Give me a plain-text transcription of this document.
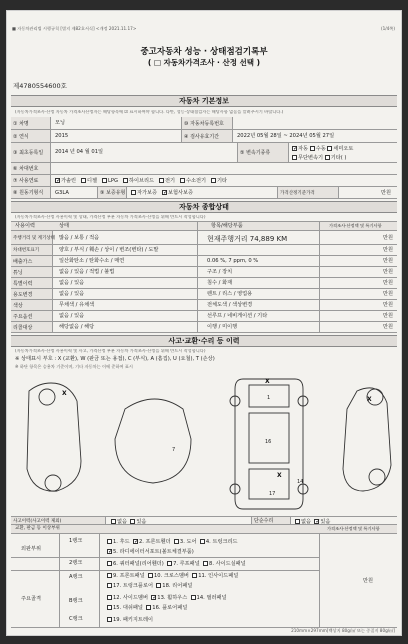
■ 자동차관리법 시행규칙 [별지 제82호서식] <개정 2021.11.17>	(1/4쪽)
중고자동차 성능 · 상태점검기록부
( □ 자동차가격조사 · 산정 선택 )
제4780554600호
자동차 기본정보
(자동차가격조사·산정 자동차 가격조사산정자는 해당항목에 ☑ 표시하여야 합니다. 다만, 성능·상태점검자는 해당사항 없음을 알려주시기 바랍니다.)
① 차명	모닝	⑩ 자동차등록번호
② 연식	2015	④ 검사유효기간	2022년 05월 28일 ~ 2024년 05월 27일
③ 최초등록일	2014 년 04 월 01일	⑤ 변속기종류
✓자동 수동 세미오토
무단변속기 기타( )
⑥ 차대번호
⑦ 사용연료 ✓	가솔린 디젤 LPG 하이브리드 전기 수소전기 기타
⑧ 원동기형식	G3LA	⑨ 보증유형	자가보증 ✓ 보험사보증	가격산정기준가격	만원
자동차 종합상태
(자동차가격조사·산정 사용이력 및 상태, 가격산정 부분 자동차 가격조사·산정을 위해 반드시 작성합니다)
사용이력	상태	항목/해당부품	가격조사·산정액 및 특기사항
주행거리 및 계기상태 많음 / 보통 / 적음	현재주행거리 74,889 KM	만원
차대번호표기	양호 / 부식 / 훼손 / 상이 / 변조(변타) / 도말	만원
배출가스	일산화탄소 / 탄화수소 / 매연	0.06 %, 7 ppm, 0 %	만원
튜닝	없음 / 있음 / 적법 / 불법	구조 / 장치	만원
특별이력	없음 / 있음	침수 / 화재	만원
용도변경	없음 / 있음	렌트 / 리스 / 영업용	만원
색상	무채색 / 유채색	전체도색 / 색상변경	만원
주요옵션	없음 / 있음	선루프 / 네비게이션 / 기타	만원
리콜대상	해당없음 / 해당	이행 / 미이행	만원
사고·교환·수리 등 이력
(자동차가격조사·산정 사용이력 및 사고, 가격산정 부분 자동차 가격조사·산정을 위해 반드시 작성합니다)
※ 상태표시 부호 : X (교환), W (판금 또는 용접), C (부식), A (흠집), U (요철), T (손상)
※ 하단 항목은 승용차 기준이며, 기타 자동차는 이에 준하여 표시
X
X
X
X
7
16
17
1
14
사고이력(사고이력 제외)	없음 있음	단순수리	없음 ✓ 있음
교환, 판금 등 이상부위	가격조사·산정액 및 특기사항
외판부위
1랭크	1. 후드 ✓ 2. 프론트휀더 3. 도어 4. 트렁크리드
✓5. 라디에이터서포트(볼트체결부품)
2랭크	6. 쿼터패널(리어휀더) 7. 루프패널 8. 사이드실패널
주요골격
A랭크	9. 프론트패널 10. 크로스멤버 11. 인사이드패널
17. 트렁크플로어 18. 리어패널
B랭크	12. 사이드멤버 ✓ 13. 휠하우스 14. 필러패널
15. 대쉬패널 16. 플로어패널
C랭크	19. 패키지트레이
만원
210mm×297mm[백상지 80g/㎡ 또는 중질지 80g/㎡]
